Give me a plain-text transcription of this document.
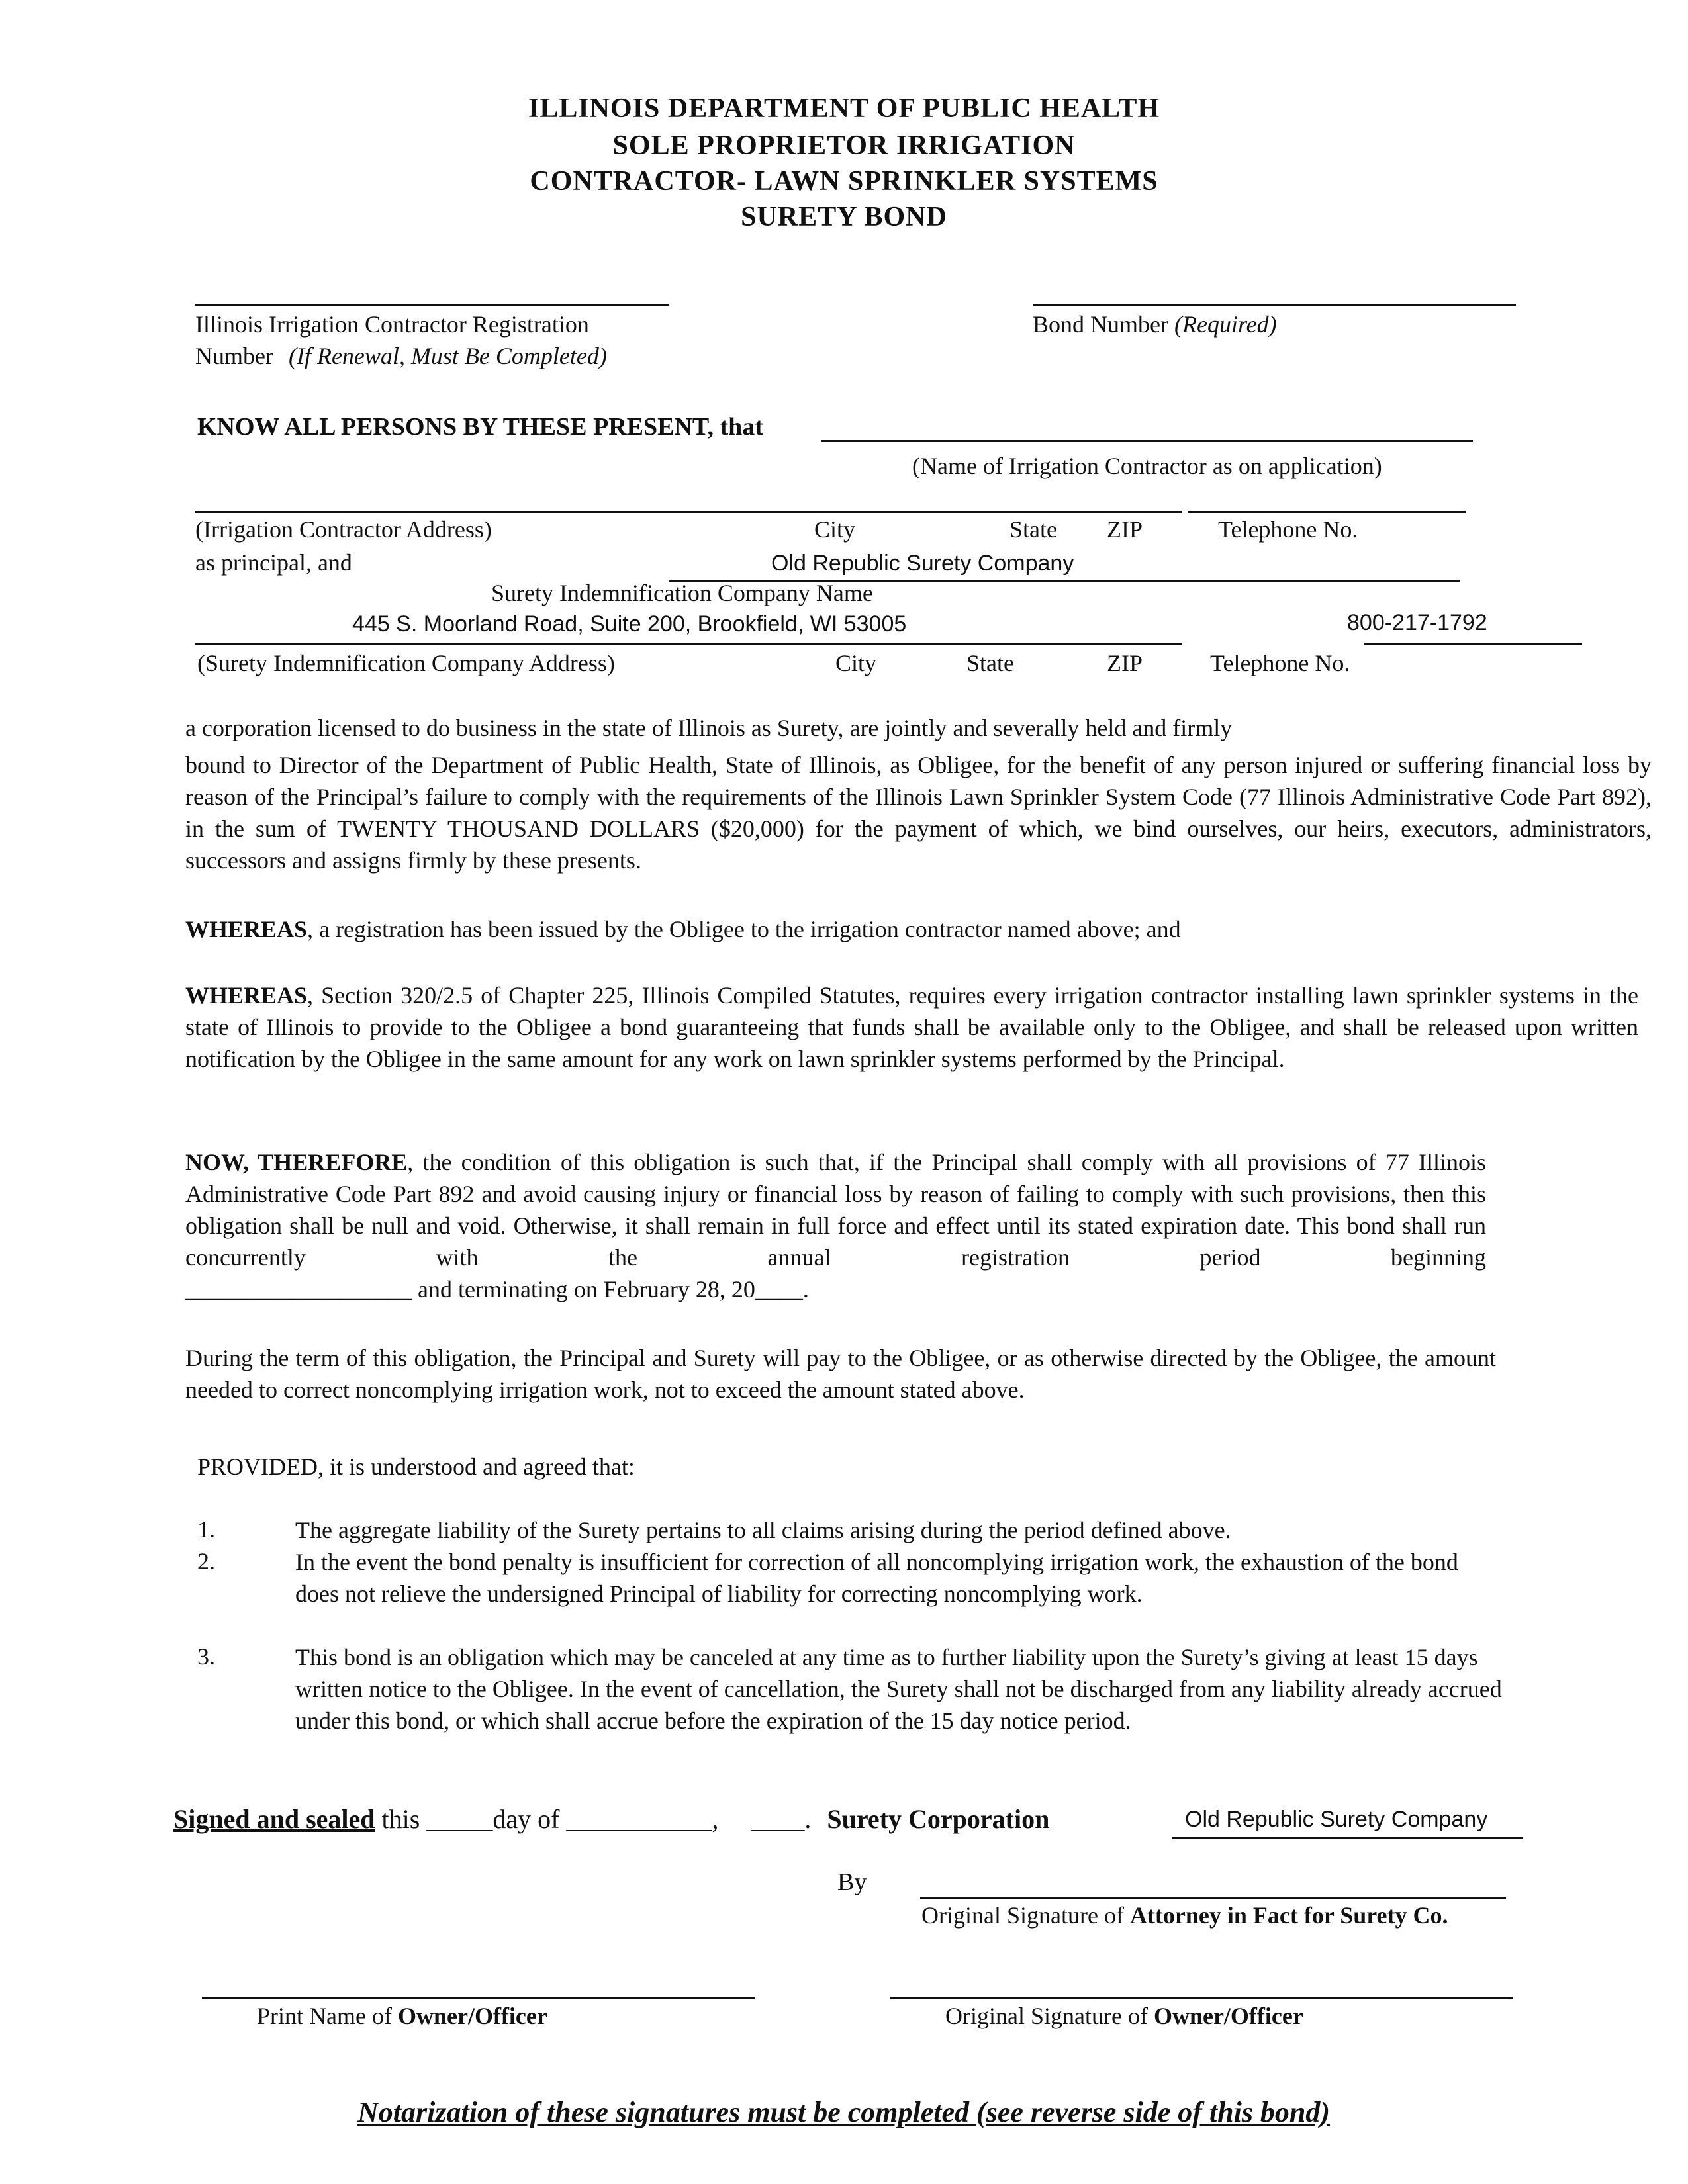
ILLINOIS DEPARTMENT OF PUBLIC HEALTH
SOLE PROPRIETOR IRRIGATION
CONTRACTOR- LAWN SPRINKLER SYSTEMS
SURETY BOND
Illinois Irrigation Contractor Registration
Number (If Renewal, Must Be Completed)
Bond Number (Required)
KNOW ALL PERSONS BY THESE PRESENT, that
(Name of Irrigation Contractor as on application)
(Irrigation Contractor Address)	City	State ZIP	Telephone No.
as principal, and	Old Republic Surety Company
Surety Indemnification Company Name
445 S. Moorland Road, Suite 200, Brookfield, WI 53005	800-217-1792
(Surety Indemnification Company Address)	City	State	ZIP	Telephone No.
a corporation licensed to do business in the state of Illinois as Surety, are jointly and severally held and firmly
bound to Director of the Department of Public Health, State of Illinois, as Obligee, for the benefit of any person injured or suffering financial loss by reason of the Principal’s failure to comply with the requirements of the Illinois Lawn Sprinkler System Code (77 Illinois Administrative Code Part 892), in the sum of TWENTY THOUSAND DOLLARS ($20,000) for the payment of which, we bind ourselves, our heirs, executors, administrators, successors and assigns firmly by these presents.
WHEREAS, a registration has been issued by the Obligee to the irrigation contractor named above; and
WHEREAS, Section 320/2.5 of Chapter 225, Illinois Compiled Statutes, requires every irrigation contractor installing lawn sprinkler systems in the state of Illinois to provide to the Obligee a bond guaranteeing that funds shall be available only to the Obligee, and shall be released upon written notification by the Obligee in the same amount for any work on lawn sprinkler systems performed by the Principal.
NOW, THEREFORE, the condition of this obligation is such that, if the Principal shall comply with all provisions of 77 Illinois Administrative Code Part 892 and avoid causing injury or financial loss by reason of failing to comply with such provisions, then this obligation shall be null and void. Otherwise, it shall remain in full force and effect until its stated expiration date. This bond shall run concurrently with the annual registration period beginning
___________________ and terminating on February 28, 20____.
During the term of this obligation, the Principal and Surety will pay to the Obligee, or as otherwise directed by the Obligee, the amount needed to correct noncomplying irrigation work, not to exceed the amount stated above.
PROVIDED, it is understood and agreed that:
1.	The aggregate liability of the Surety pertains to all claims arising during the period defined above.
2.	In the event the bond penalty is insufficient for correction of all noncomplying irrigation work, the exhaustion of the bond does not relieve the undersigned Principal of liability for correcting noncomplying work.
3.	This bond is an obligation which may be canceled at any time as to further liability upon the Surety’s giving at least 15 days written notice to the Obligee. In the event of cancellation, the Surety shall not be discharged from any liability already accrued under this bond, or which shall accrue before the expiration of the 15 day notice period.
Signed and sealed this _____day of ___________, ____. Surety Corporation	Old Republic Surety Company
By
Original Signature of Attorney in Fact for Surety Co.
Print Name of Owner/Officer	Original Signature of Owner/Officer
Notarization of these signatures must be completed (see reverse side of this bond)
